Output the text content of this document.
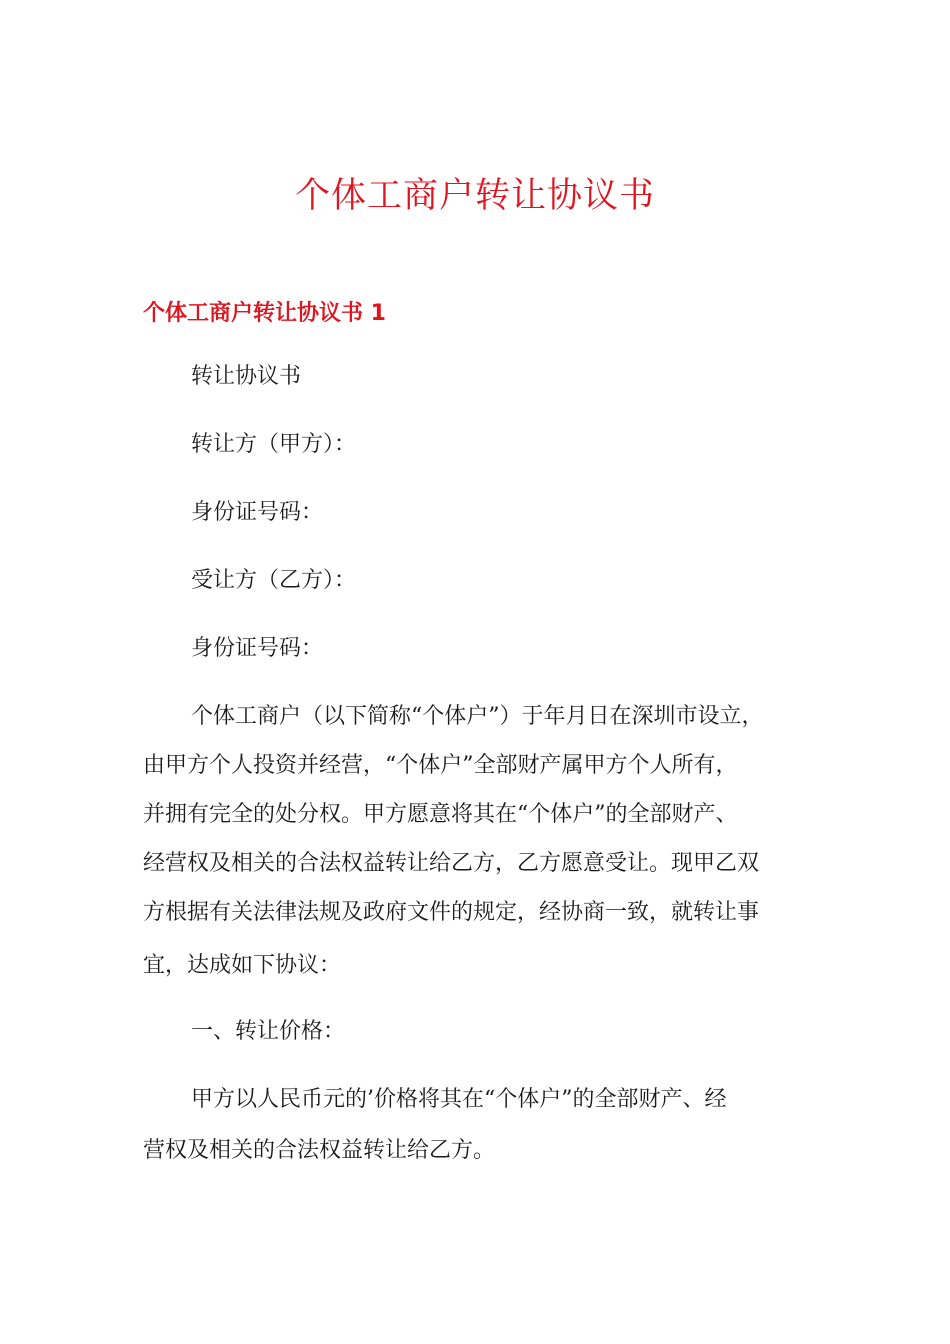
个体工商户转让协议书
个体工商户转让协议书 1
转让协议书
转让方（甲方）：
身份证号码：
受让方（乙方）：
身份证号码：
个体工商户（以下简称“个体户”）于年月日在深圳市设立，
由甲方个人投资并经营，“个体户”全部财产属甲方个人所有，
并拥有完全的处分权。甲方愿意将其在“个体户”的全部财产、
经营权及相关的合法权益转让给乙方，乙方愿意受让。现甲乙双
方根据有关法律法规及政府文件的规定，经协商一致，就转让事
宜，达成如下协议：
一、转让价格：
甲方以人民币元的’价格将其在“个体户”的全部财产、经
营权及相关的合法权益转让给乙方。
